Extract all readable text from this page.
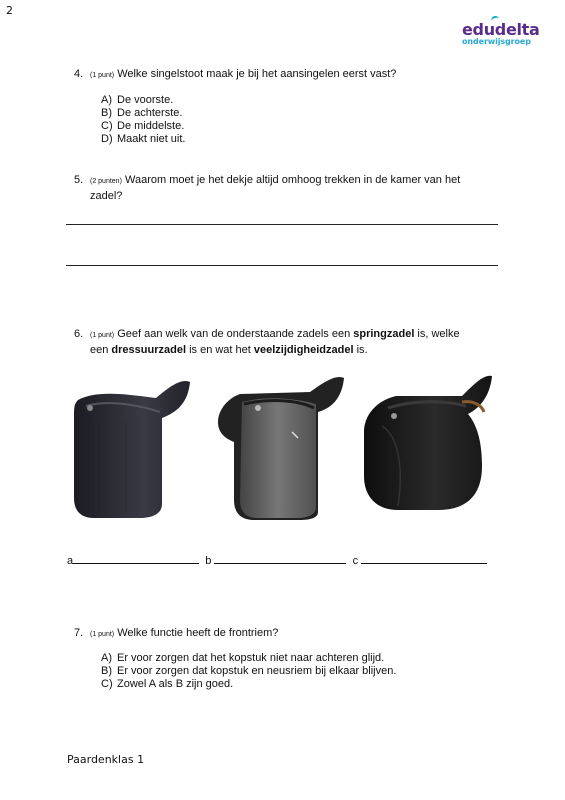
2
edudelta
onderwijsgroep
4. (1 punt) Welke singelstoot maak je bij het aansingelen eerst vast?
A) De voorste.
B) De achterste.
C) De middelste.
D) Maakt niet uit.
5. (2 punten) Waarom moet je het dekje altijd omhoog trekken in de kamer van het
zadel?
6. (1 punt) Geef aan welk van de onderstaande zadels een springzadel is, welke
een dressuurzadel is en wat het veelzijdigheidzadel is.
a	b	c
7. (1 punt) Welke functie heeft de frontriem?
A) Er voor zorgen dat het kopstuk niet naar achteren glijd.
B) Er voor zorgen dat kopstuk en neusriem bij elkaar blijven.
C) Zowel A als B zijn goed.
Paardenklas 1
